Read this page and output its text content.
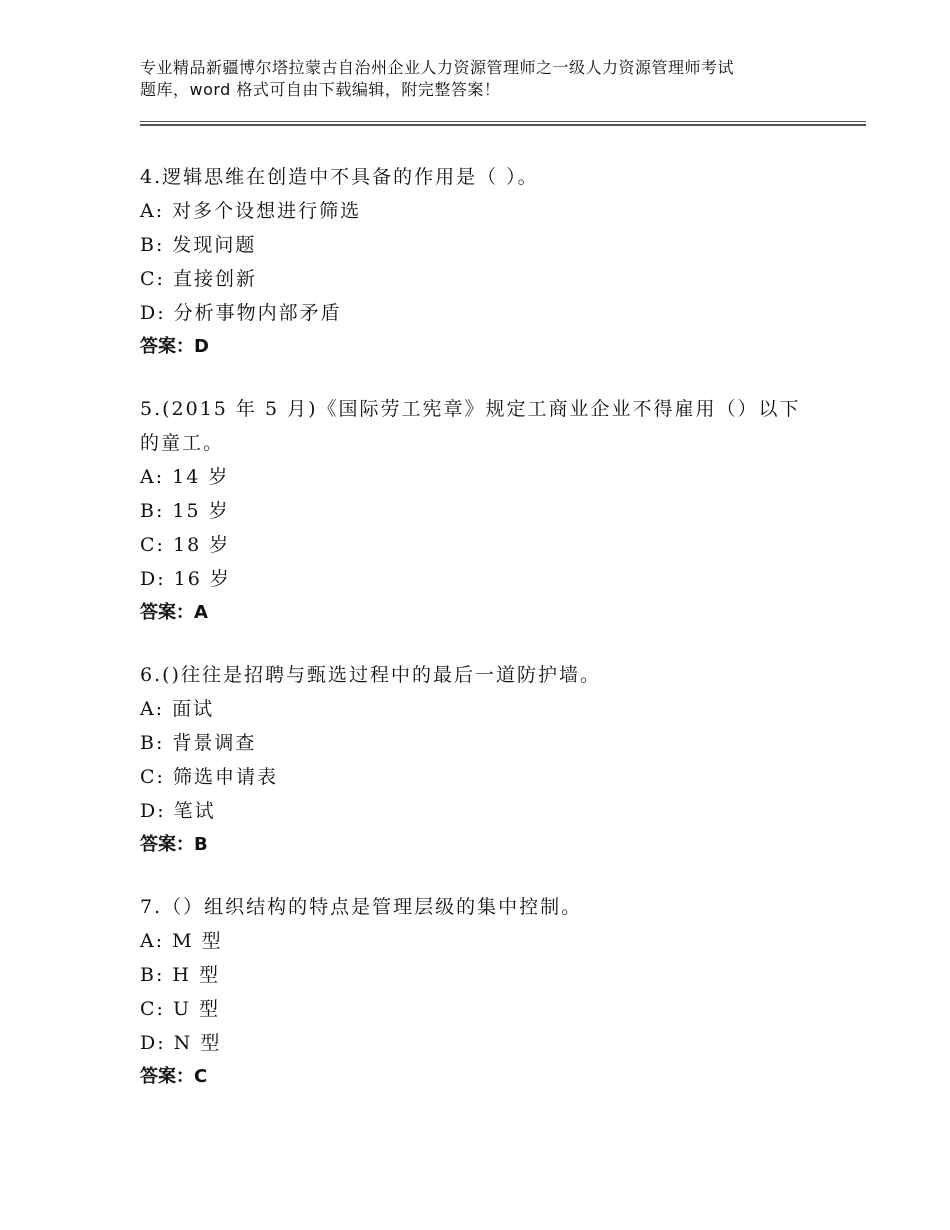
专业精品新疆博尔塔拉蒙古自治州企业人力资源管理师之一级人力资源管理师考试
题库，word 格式可自由下载编辑，附完整答案！

4.逻辑思维在创造中不具备的作用是（ ）。

A: 对多个设想进行筛选

B: 发现问题

C: 直接创新

D: 分析事物内部矛盾

答案：D

5.(2015 年 5 月)《国际劳工宪章》规定工商业企业不得雇用（）以下

的童工。

A: 14 岁

B: 15 岁

C: 18 岁

D: 16 岁

答案：A

6.()往往是招聘与甄选过程中的最后一道防护墙。

A: 面试

B: 背景调查

C: 筛选申请表

D: 笔试

答案：B

7.（）组织结构的特点是管理层级的集中控制。

A: M 型

B: H 型

C: U 型

D: N 型

答案：C
